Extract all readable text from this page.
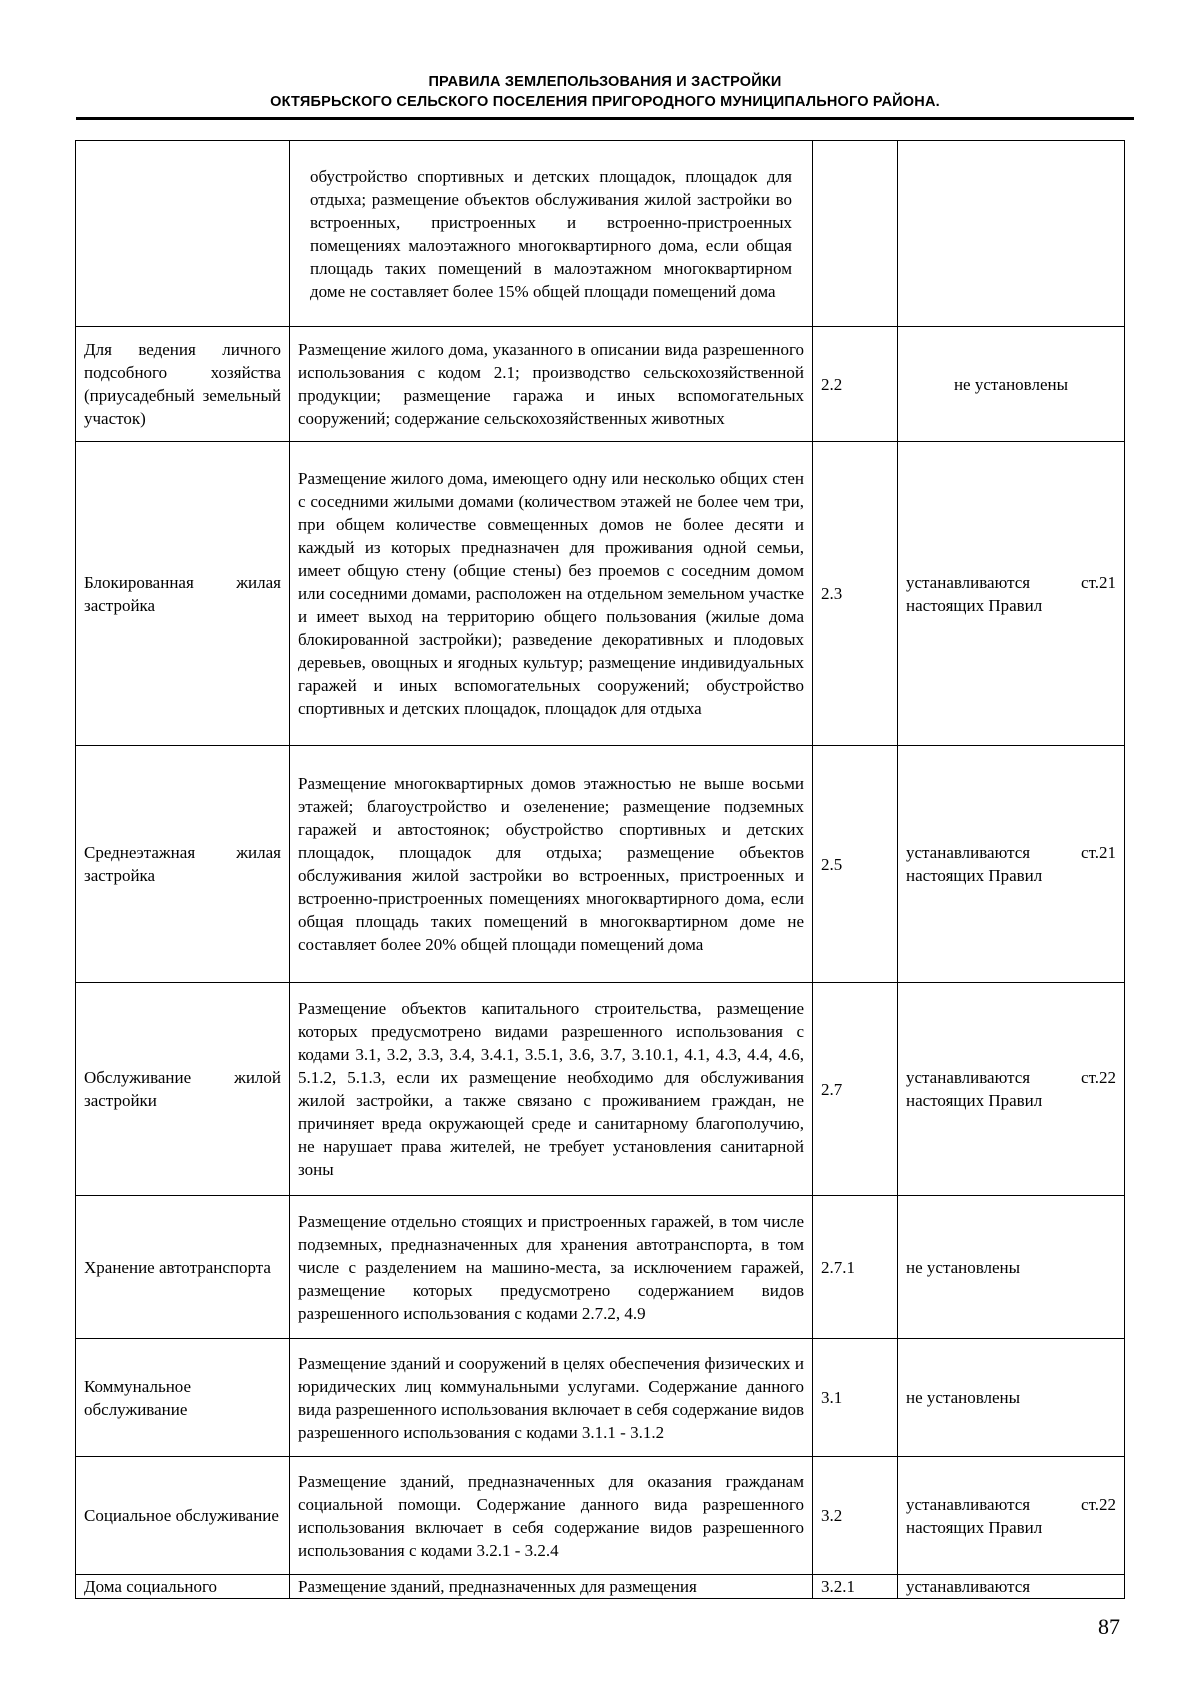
ПРАВИЛА ЗЕМЛЕПОЛЬЗОВАНИЯ И ЗАСТРОЙКИ
ОКТЯБРЬСКОГО СЕЛЬСКОГО ПОСЕЛЕНИЯ ПРИГОРОДНОГО МУНИЦИПАЛЬНОГО РАЙОНА.
	обустройство спортивных и детских площадок, площадок для отдыха; размещение объектов обслуживания жилой застройки во встроенных, пристроенных и встроенно-пристроенных помещениях малоэтажного многоквартирного дома, если общая площадь таких помещений в малоэтажном многоквартирном доме не составляет более 15% общей площади помещений дома		
Для ведения личного подсобного хозяйства (приусадебный земельный участок)	Размещение жилого дома, указанного в описании вида разрешенного использования с кодом 2.1; производство сельскохозяйственной продукции; размещение гаража и иных вспомогательных сооружений; содержание сельскохозяйственных животных	2.2	не установлены
Блокированная жилая застройка	Размещение жилого дома, имеющего одну или несколько общих стен с соседними жилыми домами (количеством этажей не более чем три, при общем количестве совмещенных домов не более десяти и каждый из которых предназначен для проживания одной семьи, имеет общую стену (общие стены) без проемов с соседним домом или соседними домами, расположен на отдельном земельном участке и имеет выход на территорию общего пользования (жилые дома блокированной застройки); разведение декоративных и плодовых деревьев, овощных и ягодных культур; размещение индивидуальных гаражей и иных вспомогательных сооружений; обустройство спортивных и детских площадок, площадок для отдыха	2.3	устанавливаются ст.21 настоящих Правил
Среднеэтажная жилая застройка	Размещение многоквартирных домов этажностью не выше восьми этажей; благоустройство и озеленение; размещение подземных гаражей и автостоянок; обустройство спортивных и детских площадок, площадок для отдыха; размещение объектов обслуживания жилой застройки во встроенных, пристроенных и встроенно-пристроенных помещениях многоквартирного дома, если общая площадь таких помещений в многоквартирном доме не составляет более 20% общей площади помещений дома	2.5	устанавливаются ст.21 настоящих Правил
Обслуживание жилой застройки	Размещение объектов капитального строительства, размещение которых предусмотрено видами разрешенного использования с кодами 3.1, 3.2, 3.3, 3.4, 3.4.1, 3.5.1, 3.6, 3.7, 3.10.1, 4.1, 4.3, 4.4, 4.6, 5.1.2, 5.1.3, если их размещение необходимо для обслуживания жилой застройки, а также связано с проживанием граждан, не причиняет вреда окружающей среде и санитарному благополучию, не нарушает права жителей, не требует установления санитарной зоны	2.7	устанавливаются ст.22 настоящих Правил
Хранение автотранспорта	Размещение отдельно стоящих и пристроенных гаражей, в том числе подземных, предназначенных для хранения автотранспорта, в том числе с разделением на машино-места, за исключением гаражей, размещение которых предусмотрено содержанием видов разрешенного использования с кодами 2.7.2, 4.9	2.7.1	не установлены
Коммунальное обслуживание	Размещение зданий и сооружений в целях обеспечения физических и юридических лиц коммунальными услугами. Содержание данного вида разрешенного использования включает в себя содержание видов разрешенного использования с кодами 3.1.1 - 3.1.2	3.1	не установлены
Социальное обслуживание	Размещение зданий, предназначенных для оказания гражданам социальной помощи. Содержание данного вида разрешенного использования включает в себя содержание видов разрешенного использования с кодами 3.2.1 - 3.2.4	3.2	устанавливаются ст.22 настоящих Правил
Дома социального	Размещение зданий, предназначенных для размещения	3.2.1	устанавливаются
87
